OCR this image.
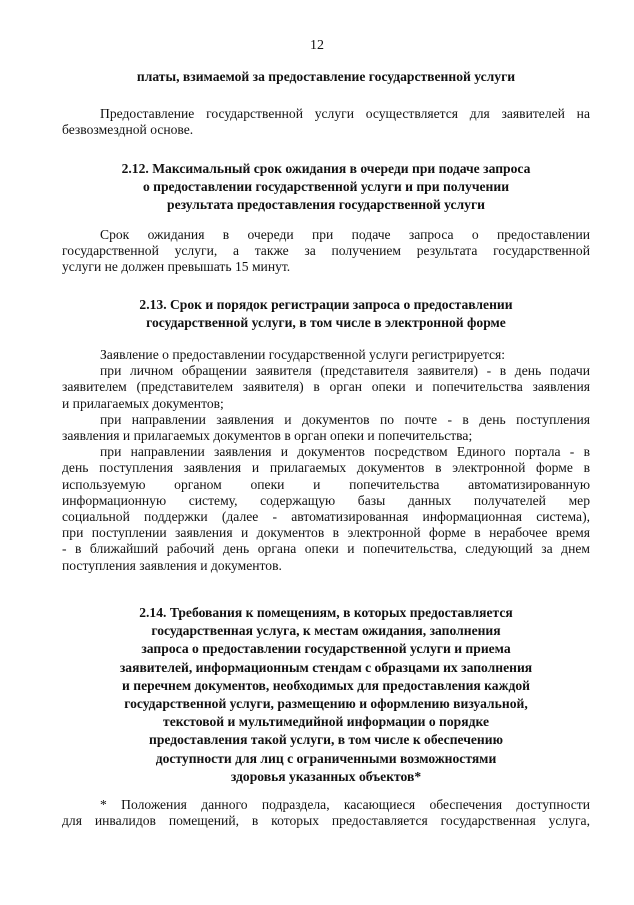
12
платы, взимаемой за предоставление государственной услуги
Предоставление государственной услуги осуществляется для заявителей на
безвозмездной основе.
2.12. Максимальный срок ожидания в очереди при подаче запроса
о предоставлении государственной услуги и при получении
результата предоставления государственной услуги
Срок ожидания в очереди при подаче запроса о предоставлении
государственной услуги, а также за получением результата государственной
услуги не должен превышать 15 минут.
2.13. Срок и порядок регистрации запроса о предоставлении
государственной услуги, в том числе в электронной форме
Заявление о предоставлении государственной услуги регистрируется:
при личном обращении заявителя (представителя заявителя) - в день подачи
заявителем (представителем заявителя) в орган опеки и попечительства заявления
и прилагаемых документов;
при направлении заявления и документов по почте - в день поступления
заявления и прилагаемых документов в орган опеки и попечительства;
при направлении заявления и документов посредством Единого портала - в
день поступления заявления и прилагаемых документов в электронной форме в
используемую органом опеки и попечительства автоматизированную
информационную систему, содержащую базы данных получателей мер
социальной поддержки (далее - автоматизированная информационная система),
при поступлении заявления и документов в электронной форме в нерабочее время
- в ближайший рабочий день органа опеки и попечительства, следующий за днем
поступления заявления и документов.
2.14. Требования к помещениям, в которых предоставляется
государственная услуга, к местам ожидания, заполнения
запроса о предоставлении государственной услуги и приема
заявителей, информационным стендам с образцами их заполнения
и перечнем документов, необходимых для предоставления каждой
государственной услуги, размещению и оформлению визуальной,
текстовой и мультимедийной информации о порядке
предоставления такой услуги, в том числе к обеспечению
доступности для лиц с ограниченными возможностями
здоровья указанных объектов*
* Положения данного подраздела, касающиеся обеспечения доступности
для инвалидов помещений, в которых предоставляется государственная услуга,
